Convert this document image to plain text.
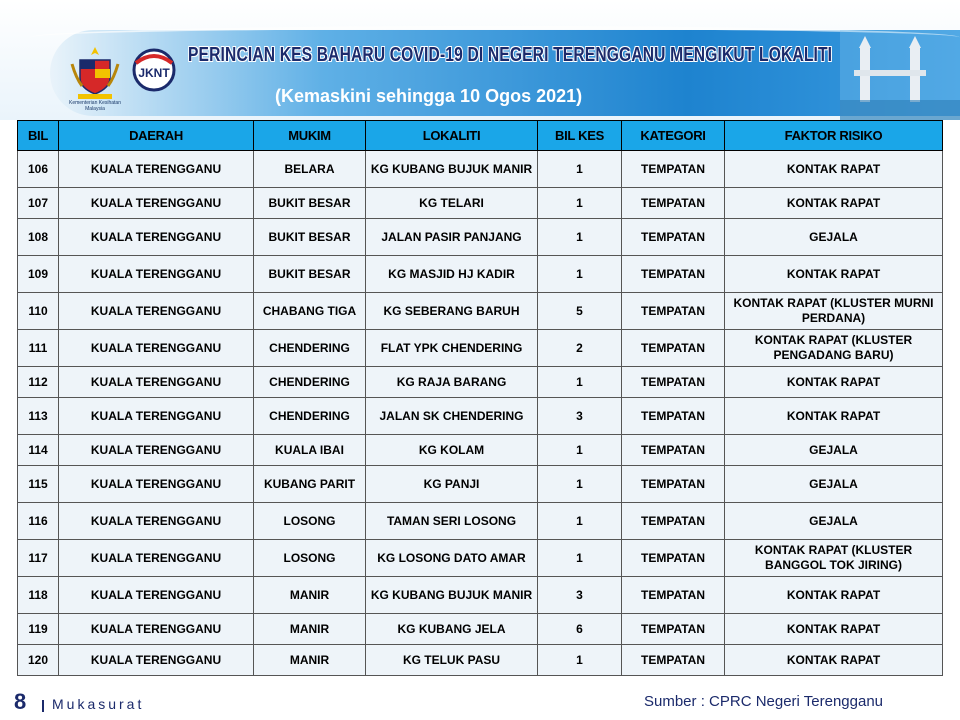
Kementerian Kesihatan Malaysia
JKNT
PERINCIAN KES BAHARU COVID-19 DI NEGERI TERENGGANU MENGIKUT LOKALITI
(Kemaskini sehingga 10 Ogos 2021)
BIL	DAERAH	MUKIM	LOKALITI	BIL KES	KATEGORI	FAKTOR RISIKO
106	KUALA TERENGGANU	BELARA	KG KUBANG BUJUK MANIR	1	TEMPATAN	KONTAK RAPAT
107	KUALA TERENGGANU	BUKIT BESAR	KG TELARI	1	TEMPATAN	KONTAK RAPAT
108	KUALA TERENGGANU	BUKIT BESAR	JALAN PASIR PANJANG	1	TEMPATAN	GEJALA
109	KUALA TERENGGANU	BUKIT BESAR	KG MASJID HJ KADIR	1	TEMPATAN	KONTAK RAPAT
110	KUALA TERENGGANU	CHABANG TIGA	KG SEBERANG BARUH	5	TEMPATAN	KONTAK RAPAT (KLUSTER MURNI PERDANA)
111	KUALA TERENGGANU	CHENDERING	FLAT YPK CHENDERING	2	TEMPATAN	KONTAK RAPAT (KLUSTER PENGADANG BARU)
112	KUALA TERENGGANU	CHENDERING	KG RAJA BARANG	1	TEMPATAN	KONTAK RAPAT
113	KUALA TERENGGANU	CHENDERING	JALAN SK CHENDERING	3	TEMPATAN	KONTAK RAPAT
114	KUALA TERENGGANU	KUALA IBAI	KG KOLAM	1	TEMPATAN	GEJALA
115	KUALA TERENGGANU	KUBANG PARIT	KG PANJI	1	TEMPATAN	GEJALA
116	KUALA TERENGGANU	LOSONG	TAMAN SERI LOSONG	1	TEMPATAN	GEJALA
117	KUALA TERENGGANU	LOSONG	KG LOSONG DATO AMAR	1	TEMPATAN	KONTAK RAPAT (KLUSTER BANGGOL TOK JIRING)
118	KUALA TERENGGANU	MANIR	KG KUBANG BUJUK MANIR	3	TEMPATAN	KONTAK RAPAT
119	KUALA TERENGGANU	MANIR	KG KUBANG JELA	6	TEMPATAN	KONTAK RAPAT
120	KUALA TERENGGANU	MANIR	KG TELUK PASU	1	TEMPATAN	KONTAK RAPAT
8 Mukasurat	Sumber : CPRC Negeri Terengganu
